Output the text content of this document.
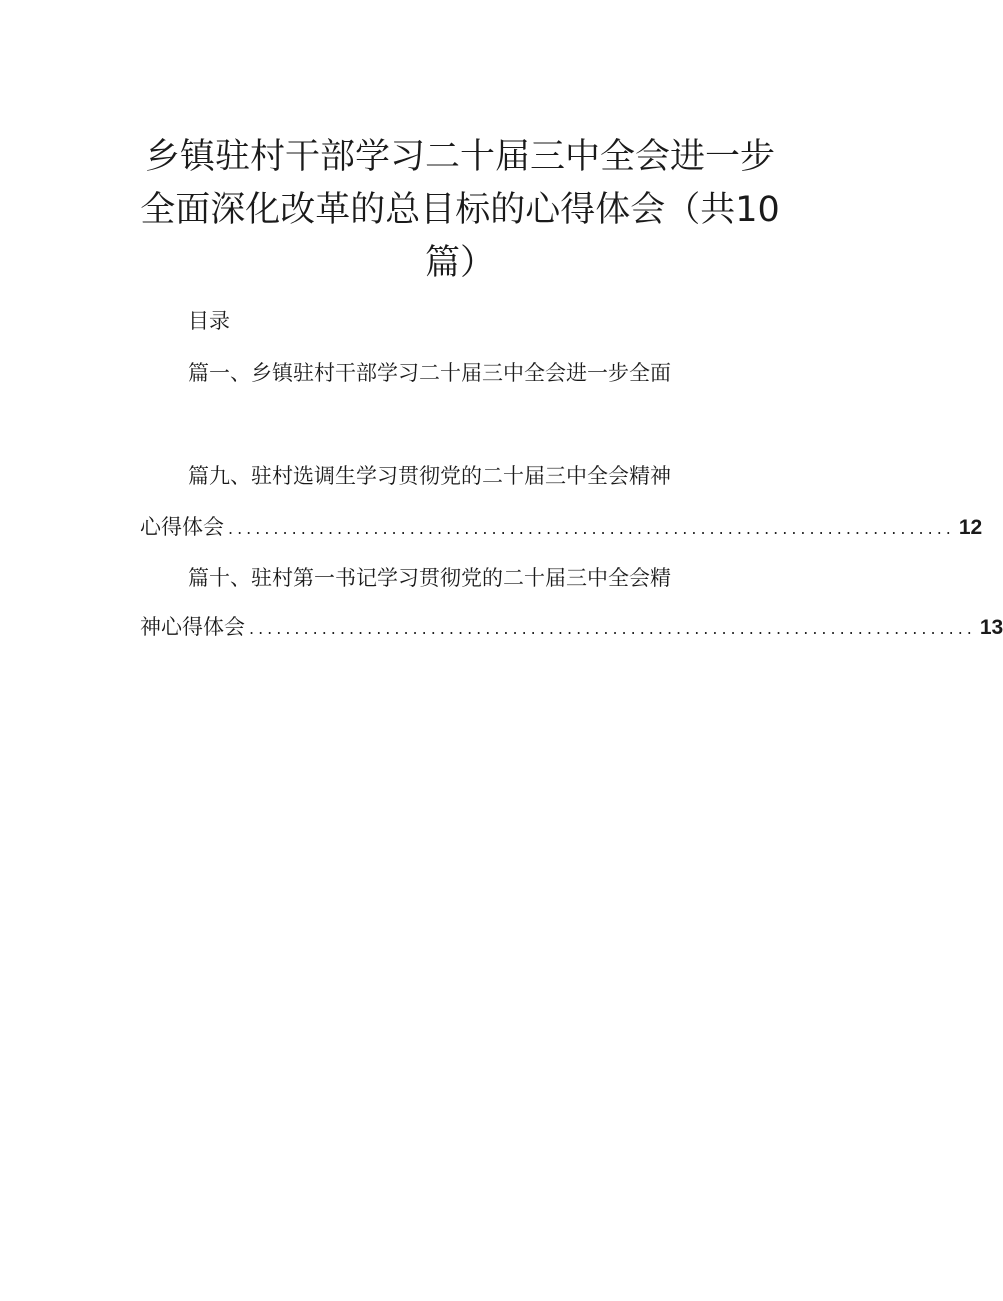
乡镇驻村干部学习二十届三中全会进一步
全面深化改革的总目标的心得体会（共10
篇）
目录
篇一、乡镇驻村干部学习二十届三中全会进一步全面
篇九、驻村选调生学习贯彻党的二十届三中全会精神
心得体会 ................................................................................ 12
篇十、驻村第一书记学习贯彻党的二十届三中全会精
神心得体会 ................................................................................ 13
